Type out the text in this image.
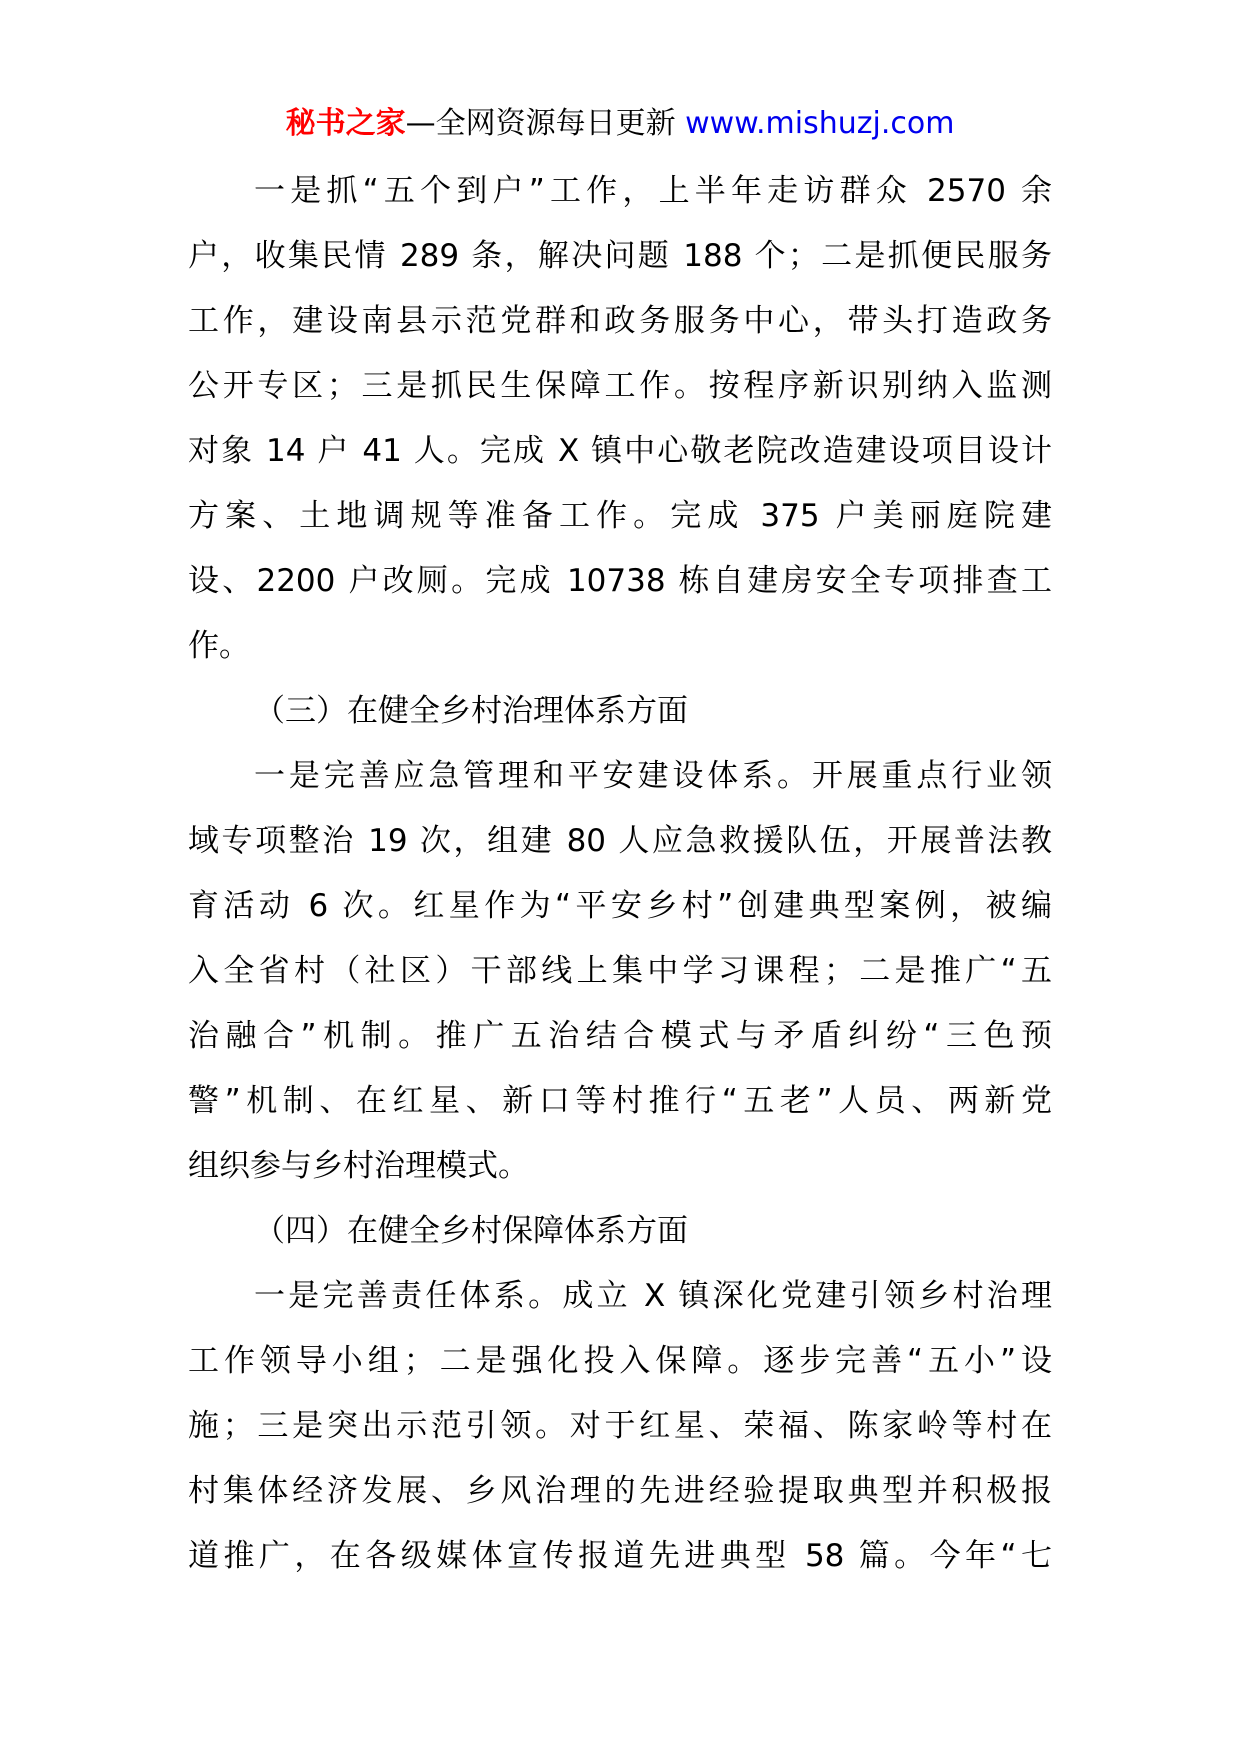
秘书之家—全网资源每日更新 www.mishuzj.com
一是抓“五个到户”工作，上半年走访群众 2570 余
户，收集民情 289 条，解决问题 188 个；二是抓便民服务
工作，建设南县示范党群和政务服务中心，带头打造政务
公开专区；三是抓民生保障工作。按程序新识别纳入监测
对象 14 户 41 人。完成 X 镇中心敬老院改造建设项目设计
方案、土地调规等准备工作。完成 375 户美丽庭院建
设、2200 户改厕。完成 10738 栋自建房安全专项排查工
作。
（三）在健全乡村治理体系方面
一是完善应急管理和平安建设体系。开展重点行业领
域专项整治 19 次，组建 80 人应急救援队伍，开展普法教
育活动 6 次。红星作为“平安乡村”创建典型案例，被编
入全省村（社区）干部线上集中学习课程；二是推广“五
治融合”机制。推广五治结合模式与矛盾纠纷“三色预
警”机制、在红星、新口等村推行“五老”人员、两新党
组织参与乡村治理模式。
（四）在健全乡村保障体系方面
一是完善责任体系。成立 X 镇深化党建引领乡村治理
工作领导小组；二是强化投入保障。逐步完善“五小”设
施；三是突出示范引领。对于红星、荣福、陈家岭等村在
村集体经济发展、乡风治理的先进经验提取典型并积极报
道推广，在各级媒体宣传报道先进典型 58 篇。今年“七
